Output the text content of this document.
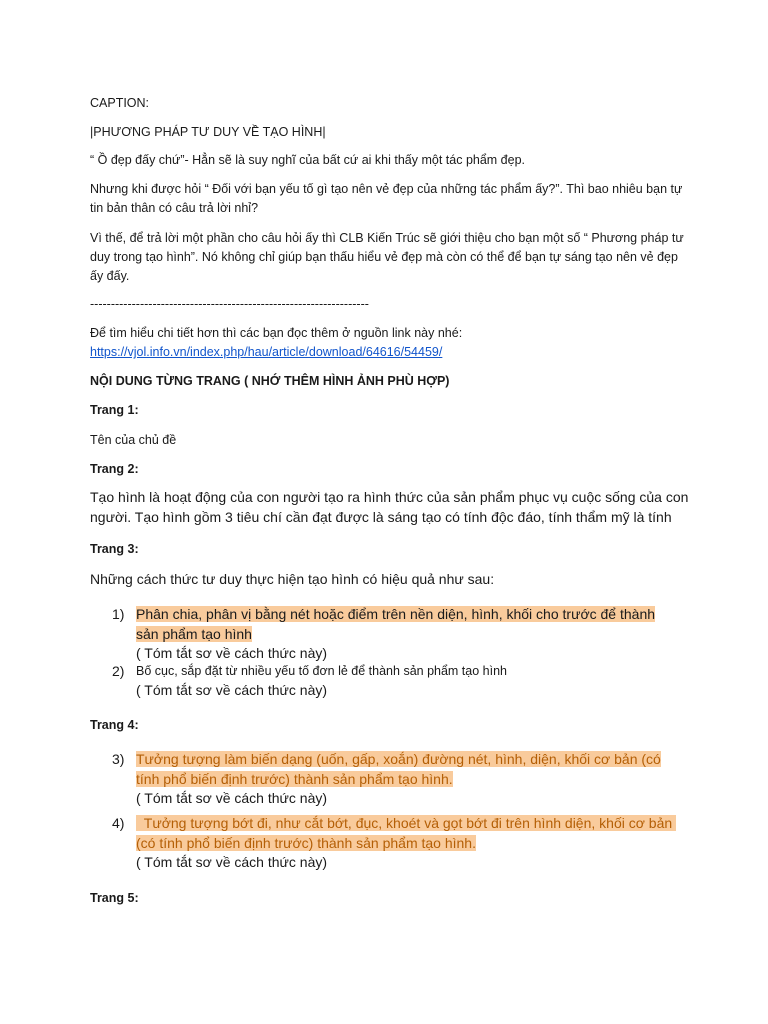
CAPTION:

|PHƯƠNG PHÁP TƯ DUY VỀ TẠO HÌNH|

“ Ồ đẹp đấy chứ”- Hẳn sẽ là suy nghĩ của bất cứ ai khi thấy một tác phẩm đẹp.

Nhưng khi được hỏi “ Đối với bạn yếu tố gì tạo nên vẻ đẹp của những tác phẩm ấy?”. Thì bao nhiêu bạn tự tin bản thân có câu trả lời nhỉ?

Vì thế, để trả lời một phần cho câu hỏi ấy thì CLB Kiến Trúc sẽ giới thiệu cho bạn một số “ Phương pháp tư duy trong tạo hình”. Nó không chỉ giúp bạn thấu hiểu vẻ đẹp mà còn có thể để bạn tự sáng tạo nên vẻ đẹp ấy đấy.

-------------------------------------------------------------------

Để tìm hiểu chi tiết hơn thì các bạn đọc thêm ở nguồn link này nhé:

https://vjol.info.vn/index.php/hau/article/download/64616/54459/

NỘI DUNG TỪNG TRANG ( NHỚ THÊM HÌNH ẢNH PHÙ HỢP)

Trang 1:

Tên của chủ đề

Trang 2:

Tạo hình là hoạt động của con người tạo ra hình thức của sản phẩm phục vụ cuộc sống của con người. Tạo hình gồm 3 tiêu chí cần đạt được là sáng tạo có tính độc đáo, tính thẩm mỹ là tính

Trang 3:

Những cách thức tư duy thực hiện tạo hình có hiệu quả như sau:

1) Phân chia, phân vị bằng nét hoặc điểm trên nền diện, hình, khối cho trước để thành sản phẩm tạo hình
( Tóm tắt sơ về cách thức này)
2) Bố cục, sắp đặt từ nhiều yếu tố đơn lẻ để thành sản phẩm tạo hình
( Tóm tắt sơ về cách thức này)

Trang 4:

3) Tưởng tượng làm biến dạng (uốn, gấp, xoắn) đường nét, hình, diện, khối cơ bản (có tính phổ biến định trước) thành sản phẩm tạo hình.
( Tóm tắt sơ về cách thức này)
4) Tưởng tượng bớt đi, như cắt bớt, đục, khoét và gọt bớt đi trên hình diện, khối cơ bản (có tính phổ biến định trước) thành sản phẩm tạo hình.
( Tóm tắt sơ về cách thức này)

Trang 5:
